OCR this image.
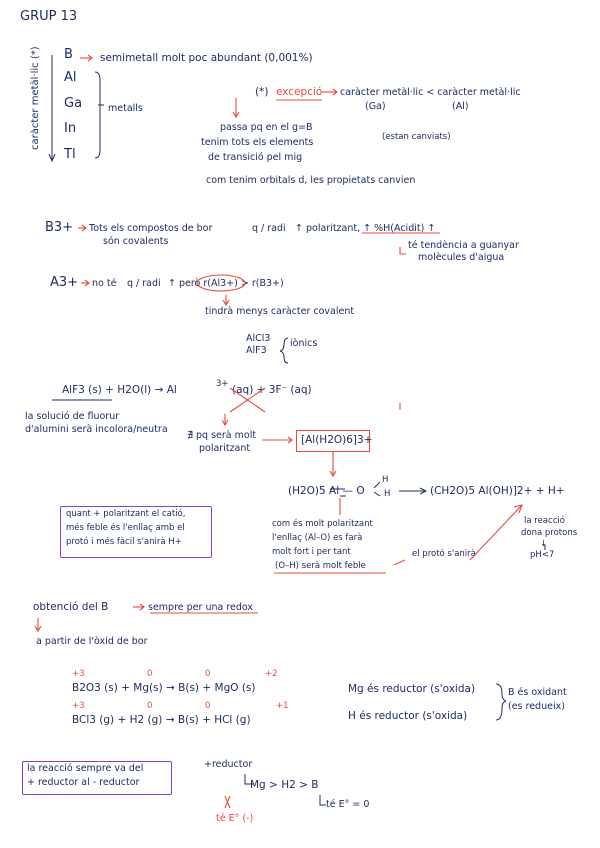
GRUP 13
caràcter metàl·lic (*) B
Al
Ga
In
Tl
semimetall molt poc abundant (0,001%)
metalls
(*) excepció caràcter metàl·lic < caràcter metàl·lic
(Ga)	(Al)
(estan canviats)
passa pq en el g=B
tenim tots els elements
de transició pel mig
com tenim orbitals d, les propietats canvien
B3+ Tots els compostos de bor
són covalents
q / radi ↑ polaritzant, ↑ %H(Acidit) ↑
té tendència a guanyar
molècules d'aigua
A3+ no té q / radi ↑ però r(Al3+) > r(B3+)
tindrà menys caràcter covalent
AlCl3
AlF3
iònics
AlF3 (s) + H2O(l) → Al	3+ (aq) + 3F⁻ (aq)
la solució de fluorur
d'alumini serà incolora/neutra
∄ pq serà molt
polaritzant
[Al(H2O)6]3+
(H2O)5 Al — O
H
H	(CH2O)5 Al(OH)]2+ + H+
quant + polaritzant el catió,
més feble és l'enllaç amb el
protó i més fàcil s'anirà H+
com és molt polaritzant
l'enllaç (Al–O) es farà
molt fort i per tant
(O–H) serà molt feble
el protó s'anirà
la reacció
dona protons
↓
pH<7
obtenció del B	sempre per una redox
a partir de l'òxid de bor
+3	0	0	+2
B2O3 (s) + Mg(s) → B(s) + MgO (s)
+3	0	0	+1
BCl3 (g) + H2 (g) → B(s) + HCl (g)
Mg és reductor (s'oxida)
H és reductor (s'oxida)
B és oxidant
(es redueix)
la reacció sempre va del
+ reductor al - reductor
+reductor
Mg > H2 > B
té E° = 0
té E° (-)
